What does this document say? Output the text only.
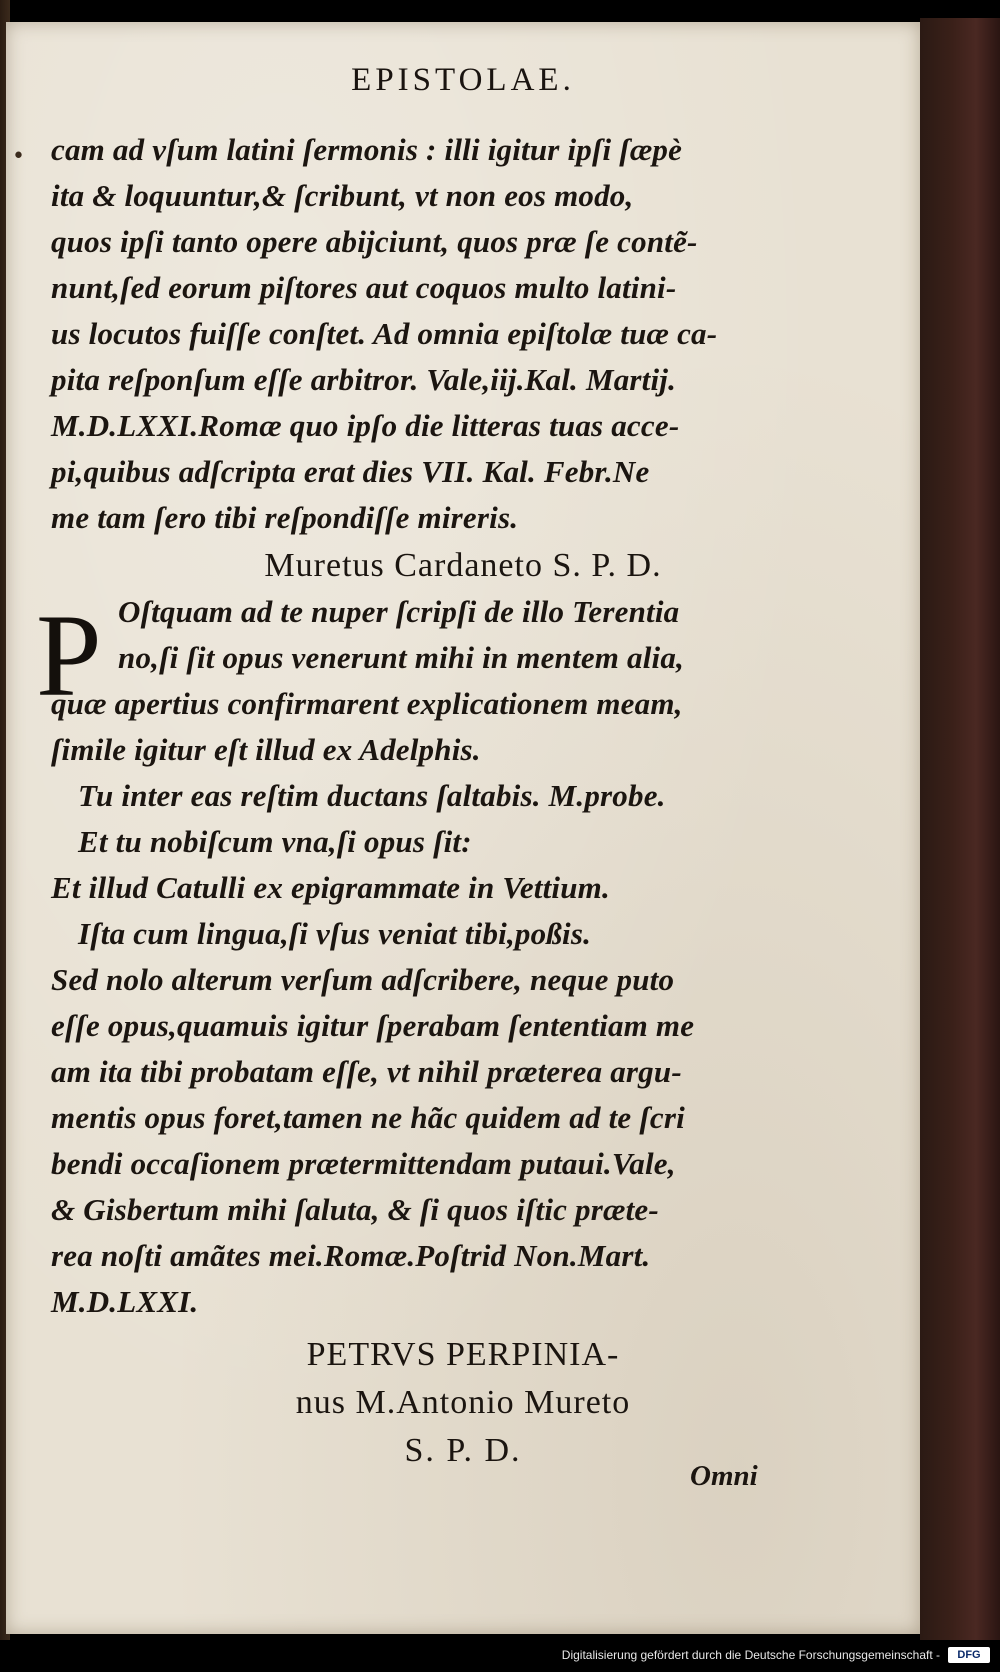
EPISTOLAE.
• cam ad vſum latini ſermonis : illi igitur ipſi ſæpè
ita & loquuntur,& ſcribunt, vt non eos modo,
quos ipſi tanto opere abijciunt, quos præ ſe contẽ-
nunt,ſed eorum piſtores aut coquos multo latini-
us locutos fuiſſe conſtet. Ad omnia epiſtolæ tuæ ca-
pita reſponſum eſſe arbitror. Vale,iij.Kal. Martij.
M.D.LXXI.Romæ quo ipſo die litteras tuas acce-
pi,quibus adſcripta erat dies VII. Kal. Febr.Ne
me tam ſero tibi reſpondiſſe mireris.
Muretus Cardaneto S. P. D.
P Oſtquam ad te nuper ſcripſi de illo Terentia
no,ſi ſit opus venerunt mihi in mentem alia,
quæ apertius confirmarent explicationem meam,
ſimile igitur eſt illud ex Adelphis.
Tu inter eas reſtim ductans ſaltabis. M.probe.
Et tu nobiſcum vna,ſi opus ſit:
Et illud Catulli ex epigrammate in Vettium.
Iſta cum lingua,ſi vſus veniat tibi,poßis.
Sed nolo alterum verſum adſcribere, neque puto
eſſe opus,quamuis igitur ſperabam ſententiam me
am ita tibi probatam eſſe, vt nihil præterea argu-
mentis opus foret,tamen ne hãc quidem ad te ſcri
bendi occaſionem prætermittendam putaui.Vale,
& Gisbertum mihi ſaluta, & ſi quos iſtic præte-
rea noſti amãtes mei.Romæ.Poſtrid Non.Mart.
M.D.LXXI.
PETRVS PERPINIA-
nus M.Antonio Mureto
S. P. D.
Omni
Digitalisierung gefördert durch die Deutsche Forschungsgemeinschaft -	DFG
